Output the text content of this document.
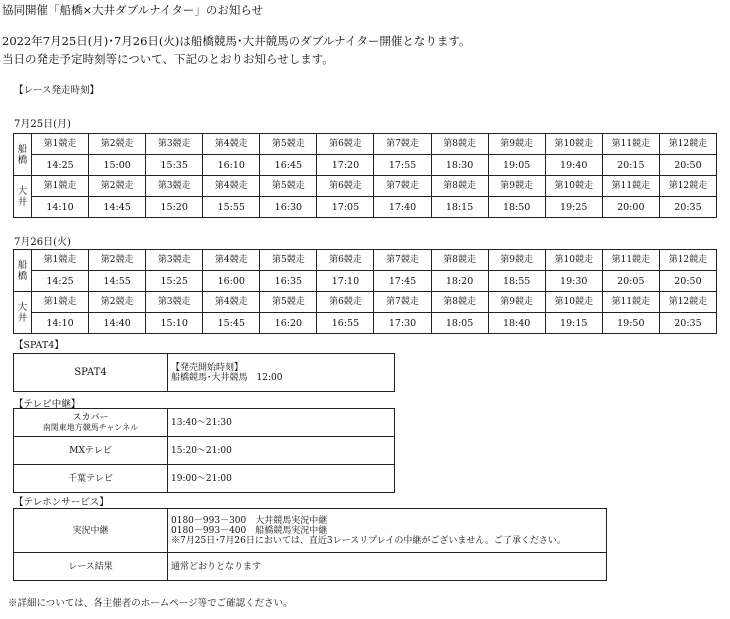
協同開催「船橋×大井ダブルナイター」のお知らせ
2022年7月25日(月)･7月26日(火)は船橋競馬･大井競馬のダブルナイター開催となります。
当日の発走予定時刻等について、下記のとおりお知らせします。
【レース発走時刻】
7月25日(月)
船
橋	第1競走	第2競走	第3競走	第4競走	第5競走	第6競走	第7競走	第8競走	第9競走	第10競走	第11競走	第12競走
	14:25	15:00	15:35	16:10	16:45	17:20	17:55	18:30	19:05	19:40	20:15	20:50
大
井	第1競走	第2競走	第3競走	第4競走	第5競走	第6競走	第7競走	第8競走	第9競走	第10競走	第11競走	第12競走
	14:10	14:45	15:20	15:55	16:30	17:05	17:40	18:15	18:50	19:25	20:00	20:35
7月26日(火)
船
橋	第1競走	第2競走	第3競走	第4競走	第5競走	第6競走	第7競走	第8競走	第9競走	第10競走	第11競走	第12競走
	14:25	14:55	15:25	16:00	16:35	17:10	17:45	18:20	18:55	19:30	20:05	20:50
大
井	第1競走	第2競走	第3競走	第4競走	第5競走	第6競走	第7競走	第8競走	第9競走	第10競走	第11競走	第12競走
	14:10	14:40	15:10	15:45	16:20	16:55	17:30	18:05	18:40	19:15	19:50	20:35
【SPAT4】
SPAT4	【発売開始時刻】
船橋競馬･大井競馬　12:00
【テレビ中継】
スカパー
南関東地方競馬チャンネル	13:40～21:30
MXテレビ	15:20～21:00
千葉テレビ	19:00～21:00
【テレホンサービス】
実況中継	0180－993－300　大井競馬実況中継
0180－993－400　船橋競馬実況中継
※7月25日･7月26日においては、直近3レースリプレイの中継がございません。ご了承ください。

レース結果	通常どおりとなります
※詳細については、各主催者のホームページ等でご確認ください。
